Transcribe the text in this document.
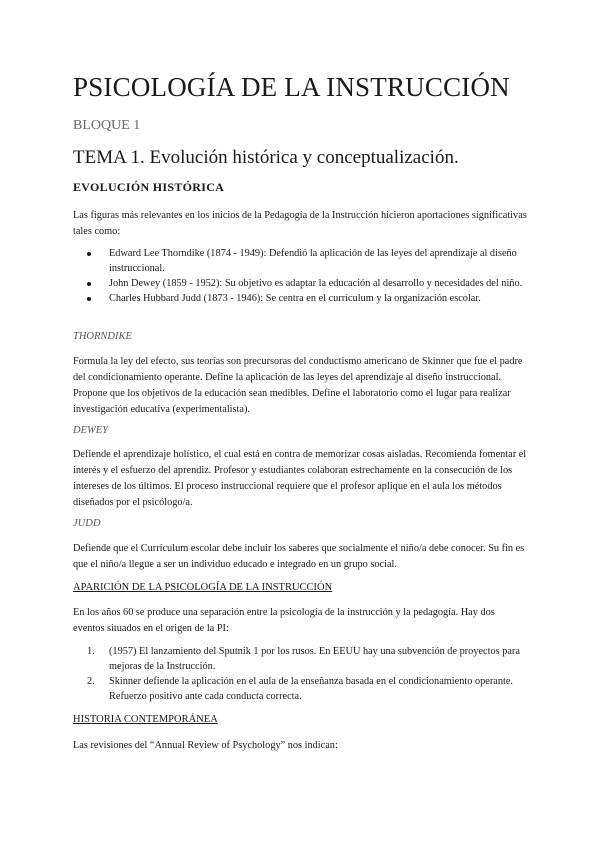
PSICOLOGÍA DE LA INSTRUCCIÓN
BLOQUE 1
TEMA 1. Evolución histórica y conceptualización.
EVOLUCIÓN HISTÓRICA

Las figuras más relevantes en los inicios de la Pedagogía de la Instrucción hicieron aportaciones significativas tales como:

Edward Lee Thorndike (1874 - 1949): Defendió la aplicación de las leyes del aprendizaje al diseño instruccional.
John Dewey (1859 - 1952): Su objetivo es adaptar la educación al desarrollo y necesidades del niño.
Charles Hubbard Judd (1873 - 1946): Se centra en el currículum y la organización escolar.
THORNDIKE

Formula la ley del efecto, sus teorías son precursoras del conductismo americano de Skinner que fue el padre del condicionamiento operante. Define la aplicación de las leyes del aprendizaje al diseño instruccional. Propone que los objetivos de la educación sean medibles. Define el laboratorio como el lugar para realizar investigación educativa (experimentalista).

DEWEY

Defiende el aprendizaje holístico, el cual está en contra de memorizar cosas aisladas. Recomienda fomentar el interés y el esfuerzo del aprendiz. Profesor y estudiantes colaboran estrechamente en la consecución de los intereses de los últimos. El proceso instruccional requiere que el profesor aplique en el aula los métodos diseñados por el psicólogo/a.

JUDD

Defiende que el Currículum escolar debe incluir los saberes que socialmente el niño/a debe conocer. Su fin es que el niño/a llegue a ser un individuo educado e integrado en un grupo social.

APARICIÓN DE LA PSICOLOGÍA DE LA INSTRUCCIÓN

En los años 60 se produce una separación entre la psicología de la instrucción y la pedagogía. Hay dos eventos situados en el origen de la PI:

1. (1957) El lanzamiento del Sputnik 1 por los rusos. En EEUU hay una subvención de proyectos para mejoras de la Instrucción.
2. Skinner defiende la aplicación en el aula de la enseñanza basada en el condicionamiento operante. Refuerzo positivo ante cada conducta correcta.
HISTORIA CONTEMPORÁNEA

Las revisiones del “Annual Review of Psychology” nos indican:
